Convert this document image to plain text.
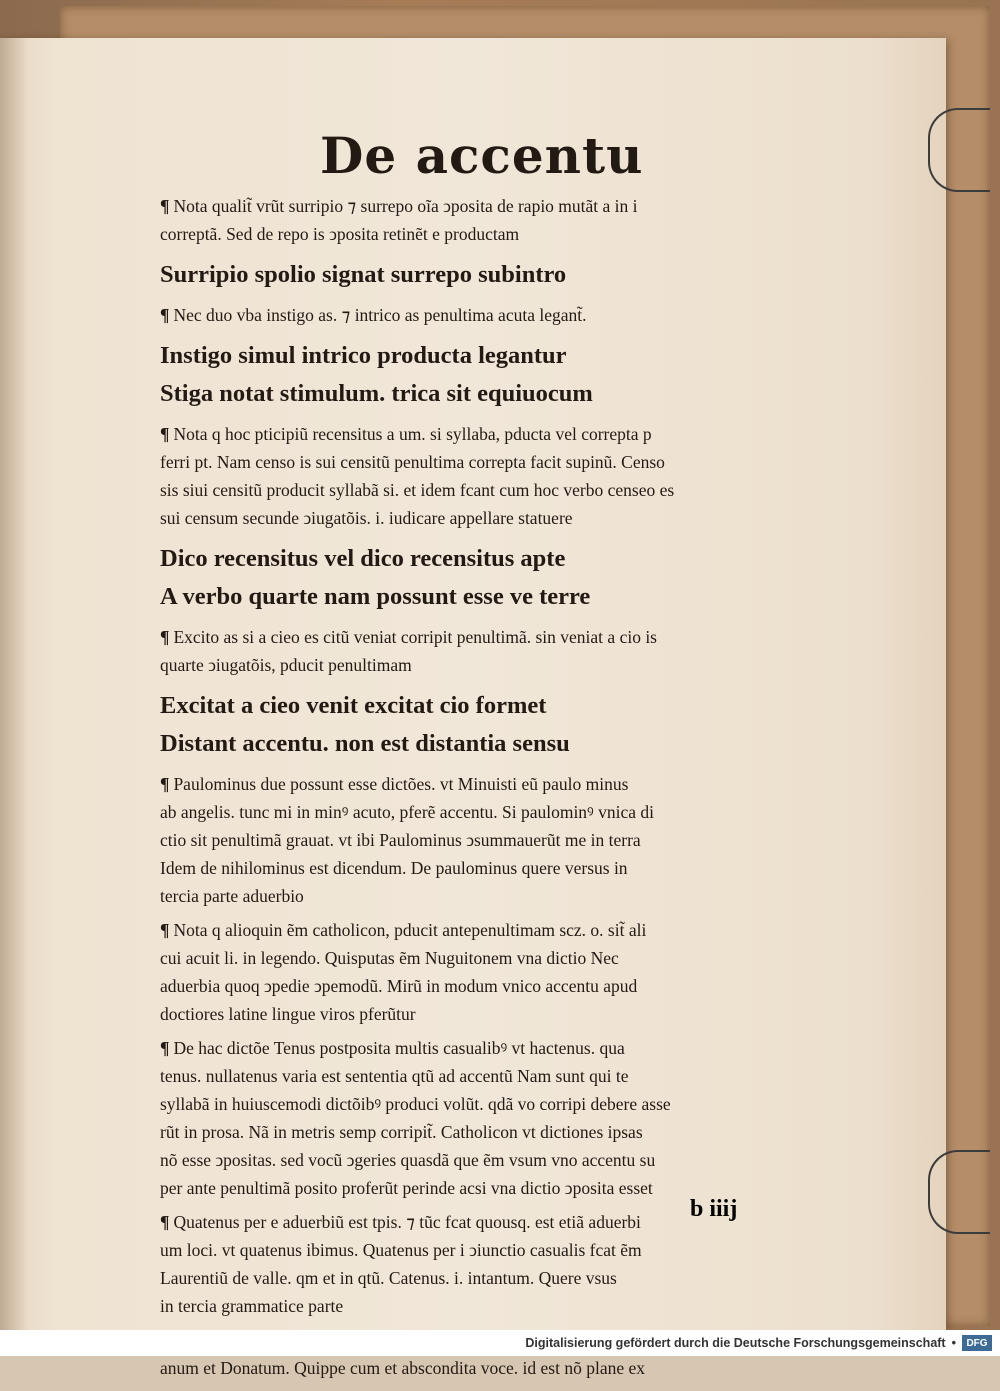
De accentu
¶ Nota qualit̃ vrũt surripio ⁊ surrepo oĩa ↄposita de rapio mutãt a in i
correptã. Sed de repo is ↄposita retinẽt e productam
Surripio spolio signat surrepo subintro
¶ Nec duo vba instigo as. ⁊ intrico as penultima acuta legant̃.
Instigo simul intrico producta legantur
Stiga notat stimulum. trica sit equiuocum
¶ Nota q hoc pticipiũ recensitus a um. si syllaba, pducta vel correpta p
ferri pt. Nam censo is sui censitũ penultima correpta facit supinũ. Censo
sis siui censitũ producit syllabã si. et idem fcant cum hoc verbo censeo es
sui censum secunde ↄiugatõis. i. iudicare appellare statuere
Dico recensitus vel dico recensitus apte
A verbo quarte nam possunt esse ve terre
¶ Excito as si a cieo es citũ veniat corripit penultimã. sin veniat a cio is
quarte ↄiugatõis, pducit penultimam
Excitat a cieo venit excitat cio formet
Distant accentu. non est distantia sensu
¶ Paulominus due possunt esse dictões. vt Minuisti eũ paulo minus
ab angelis. tunc mi in minꝰ acuto, pferẽ accentu. Si paulominꝰ vnica di
ctio sit penultimã grauat. vt ibi Paulominus ↄsummauerũt me in terra
Idem de nihilominus est dicendum. De paulominus quere versus in
tercia parte aduerbio
¶ Nota q alioquin ẽm catholicon, pducit antepenultimam scz. o. sit̃ ali
cui acuit li. in legendo. Quisputas ẽm Nuguitonem vna dictio Nec
aduerbia quoq ↄpedie ↄpemodũ. Mirũ in modum vnico accentu apud
doctiores latine lingue viros pferũtur
¶ De hac dictõe Tenus postposita multis casualibꝰ vt hactenus. qua
tenus. nullatenus varia est sententia qtũ ad accentũ Nam sunt qui te
syllabã in huiuscemodi dictõibꝰ produci volũt. qdã vo corripi debere asse
rũt in prosa. Nã in metris semp corripit̃. Catholicon vt dictiones ipsas
nõ esse ↄpositas. sed vocũ ↄgeries quasdã que ẽm vsum vno accentu su
per ante penultimã posito proferũt perinde acsi vna dictio ↄposita esset
¶ Quatenus per e aduerbiũ est tpis. ⁊ tũc fcat quousq. est etiã aduerbi
um loci. vt quatenus ibimus. Quatenus per i ↄiunctio casualis fcat ẽm
Laurentiũ de valle. qm et in qtũ. Catenus. i. intantum. Quere vsus
in tercia grammatice parte
anum et Donatum. Quippe cum et abscondita voce. id est nõ plane ex
b iiij
Digitalisierung gefördert durch die Deutsche Forschungsgemeinschaft •	DFG
